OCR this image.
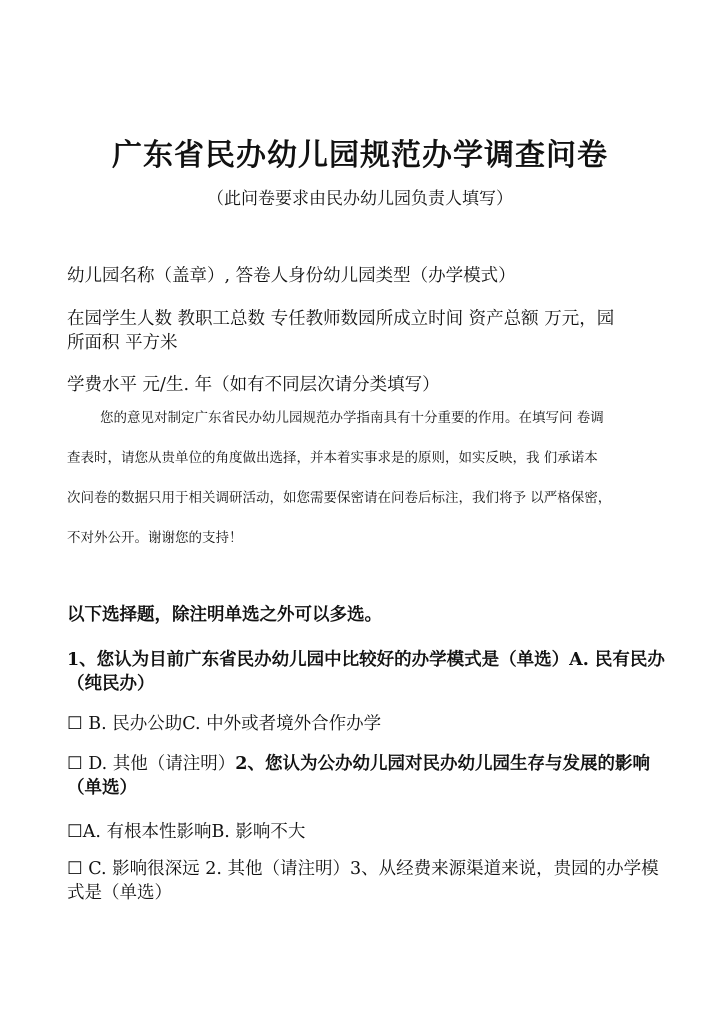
广东省民办幼儿园规范办学调查问卷

（此问卷要求由民办幼儿园负责人填写）

幼儿园名称（盖章）, 答卷人身份幼儿园类型（办学模式）

在园学生人数 教职工总数 专任教师数园所成立时间 资产总额 万元，园

所面积 平方米

学费水平 元/生. 年（如有不同层次请分类填写）

您的意见对制定广东省民办幼儿园规范办学指南具有十分重要的作用。在填写问 卷调

查表时，请您从贵单位的角度做出选择，并本着实事求是的原则，如实反映，我 们承诺本

次问卷的数据只用于相关调研活动，如您需要保密请在问卷后标注，我们将予 以严格保密，

不对外公开。谢谢您的支持！

以下选择题，除注明单选之外可以多选。

1、您认为目前广东省民办幼儿园中比较好的办学模式是（单选）A. 民有民办（纯民办）

☐ B. 民办公助C. 中外或者境外合作办学

☐ D. 其他（请注明）2、您认为公办幼儿园对民办幼儿园生存与发展的影响（单选）

☐A. 有根本性影响B. 影响不大

☐ C. 影响很深远 2. 其他（请注明）3、从经费来源渠道来说，贵园的办学模式是（单选）
